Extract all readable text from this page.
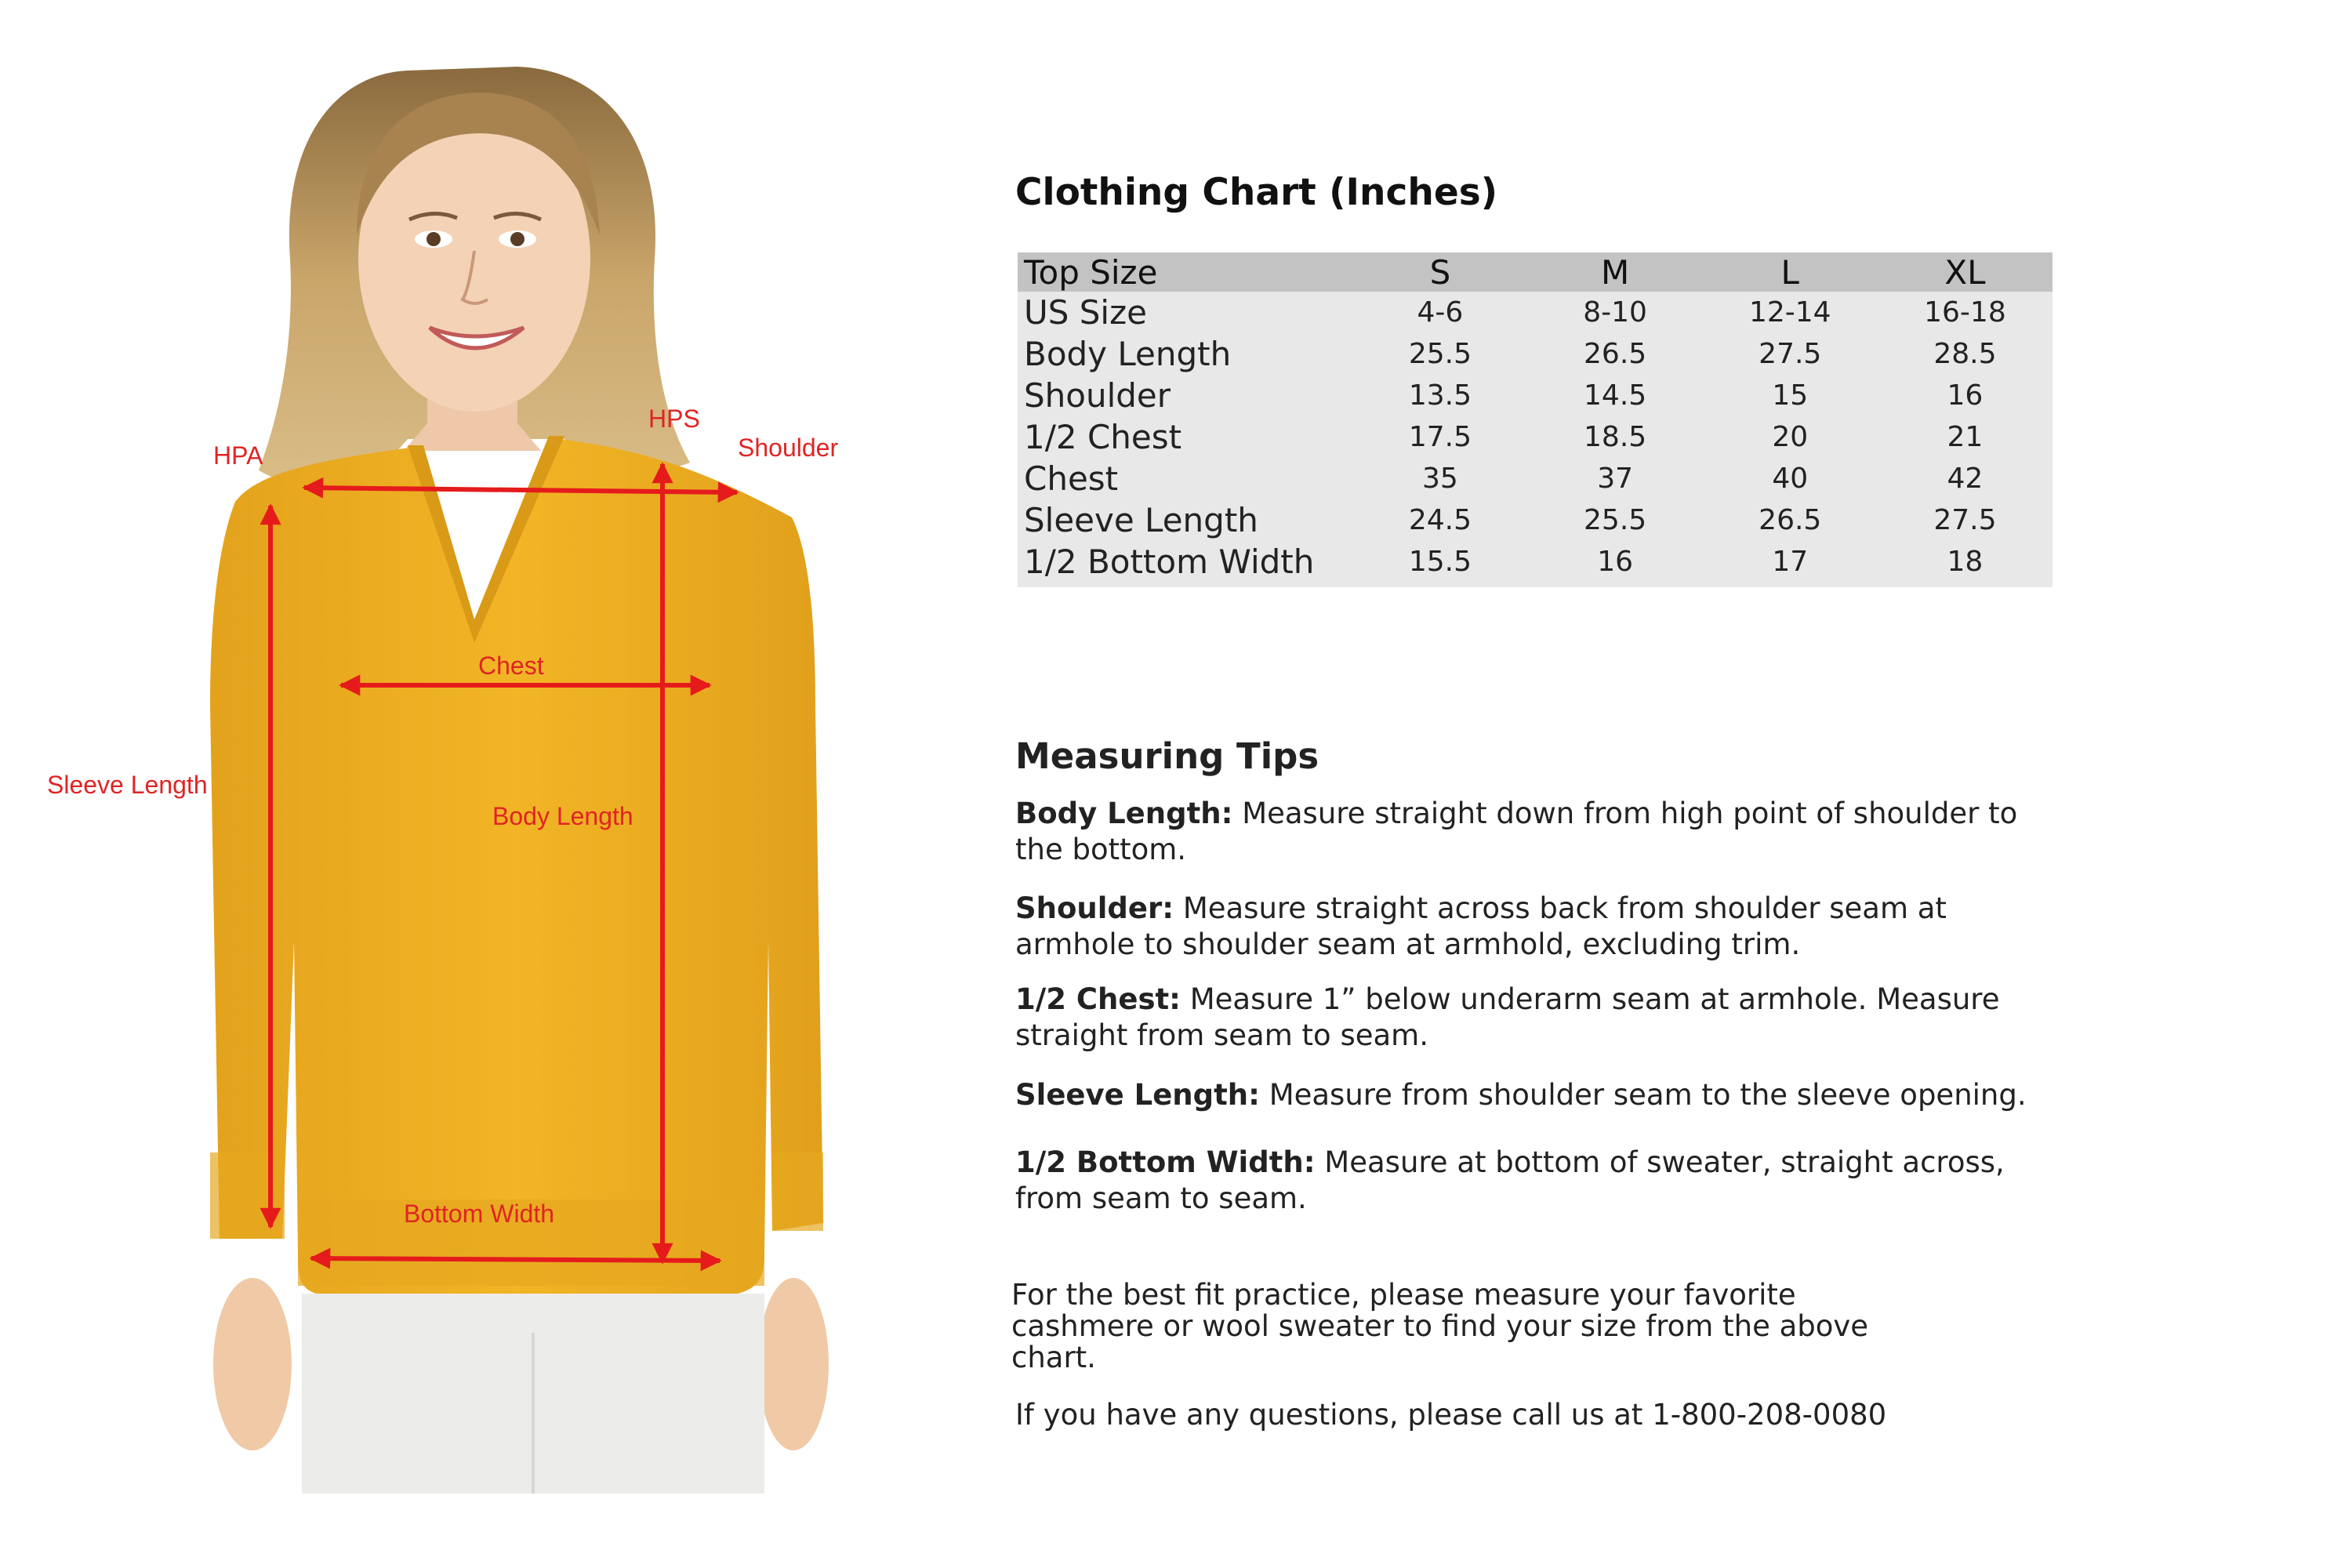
HPA
HPS
Shoulder
Chest
Sleeve Length
Body Length
Bottom Width
Clothing Chart (Inches)
Top Size	S	M	L	XL
US Size	4-6	8-10	12-14	16-18
Body Length	25.5	26.5	27.5	28.5
Shoulder	13.5	14.5	15	16
1/2 Chest	17.5	18.5	20	21
Chest	35	37	40	42
Sleeve Length	24.5	25.5	26.5	27.5
1/2 Bottom Width	15.5	16	17	18
Measuring Tips
Body Length: Measure straight down from high point of shoulder to the bottom.
Shoulder: Measure straight across back from shoulder seam at armhole to shoulder seam at armhold, excluding trim.
1/2 Chest: Measure 1” below underarm seam at armhole. Measure straight from seam to seam.
Sleeve Length: Measure from shoulder seam to the sleeve opening.
1/2 Bottom Width: Measure at bottom of sweater, straight across, from seam to seam.
For the best fit practice, please measure your favorite cashmere or wool sweater to find your size from the above chart.
If you have any questions, please call us at 1-800-208-0080
